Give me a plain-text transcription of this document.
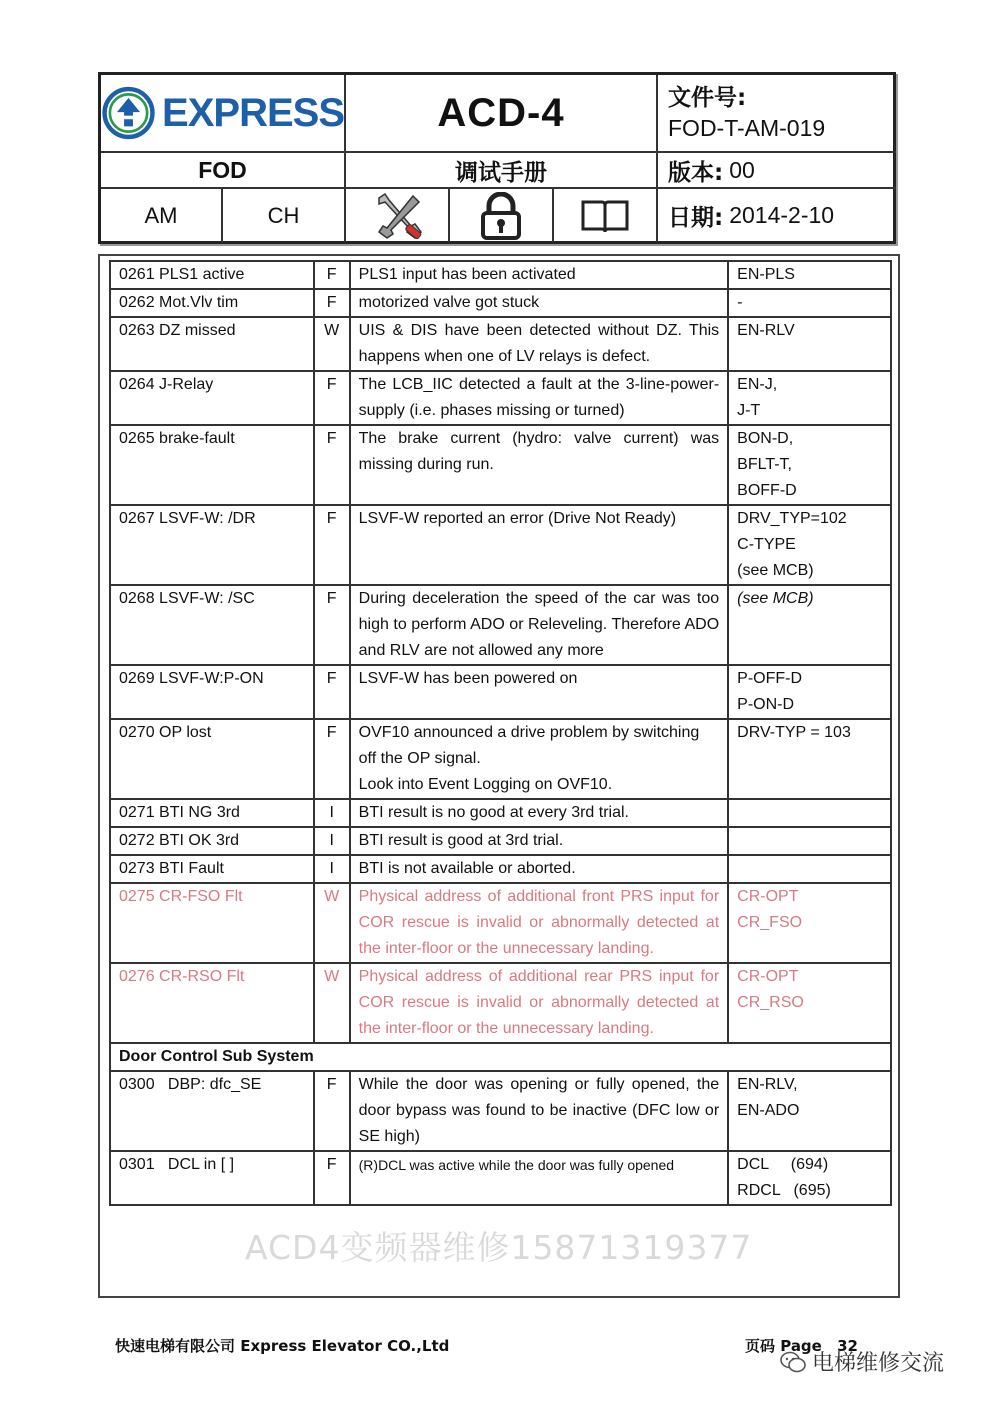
EXPRESS	ACD-4	文件号:
FOD-T-AM-019
FOD	调试手册	版本: 00
AM	CH	日期: 2014-2-10
0261 PLS1 active	F	PLS1 input has been activated	EN-PLS
0262 Mot.Vlv tim	F	motorized valve got stuck	-
0263 DZ missed	W	UIS & DIS have been detected without DZ. This happens when one of LV relays is defect.	EN-RLV
0264 J-Relay	F	The LCB_IIC detected a fault at the 3-line-power-supply (i.e. phases missing or turned)	EN-J,
J-T
0265 brake-fault	F	The brake current (hydro: valve current) was missing during run.	BON-D,
BFLT-T,
BOFF-D
0267 LSVF-W: /DR	F	LSVF-W reported an error (Drive Not Ready)	DRV_TYP=102
C-TYPE
(see MCB)
0268 LSVF-W: /SC	F	During deceleration the speed of the car was too high to perform ADO or Releveling. Therefore ADO and RLV are not allowed any more	(see MCB)
0269 LSVF-W:P-ON	F	LSVF-W has been powered on	P-OFF-D
P-ON-D
0270 OP lost	F	OVF10 announced a drive problem by switching off the OP signal.
Look into Event Logging on OVF10.	DRV-TYP = 103
0271 BTI NG 3rd	I	BTI result is no good at every 3rd trial.	
0272 BTI OK 3rd	I	BTI result is good at 3rd trial.	
0273 BTI Fault	I	BTI is not available or aborted.	
0275 CR-FSO Flt	W	Physical address of additional front PRS input for COR rescue is invalid or abnormally detected at the inter-floor or the unnecessary landing.	CR-OPT
CR_FSO
0276 CR-RSO Flt	W	Physical address of additional rear PRS input for COR rescue is invalid or abnormally detected at the inter-floor or the unnecessary landing.	CR-OPT
CR_RSO
Door Control Sub System			
0300   DBP: dfc_SE	F	While the door was opening or fully opened, the door bypass was found to be inactive (DFC low or SE high)	EN-RLV,
EN-ADO
0301   DCL in [ ]	F	(R)DCL was active while the door was fully opened	DCL     (694)
RDCL   (695)
ACD4变频器维修15871319377
快速电梯有限公司 Express Elevator CO.,Ltd	页码 Page 32
电梯维修交流
